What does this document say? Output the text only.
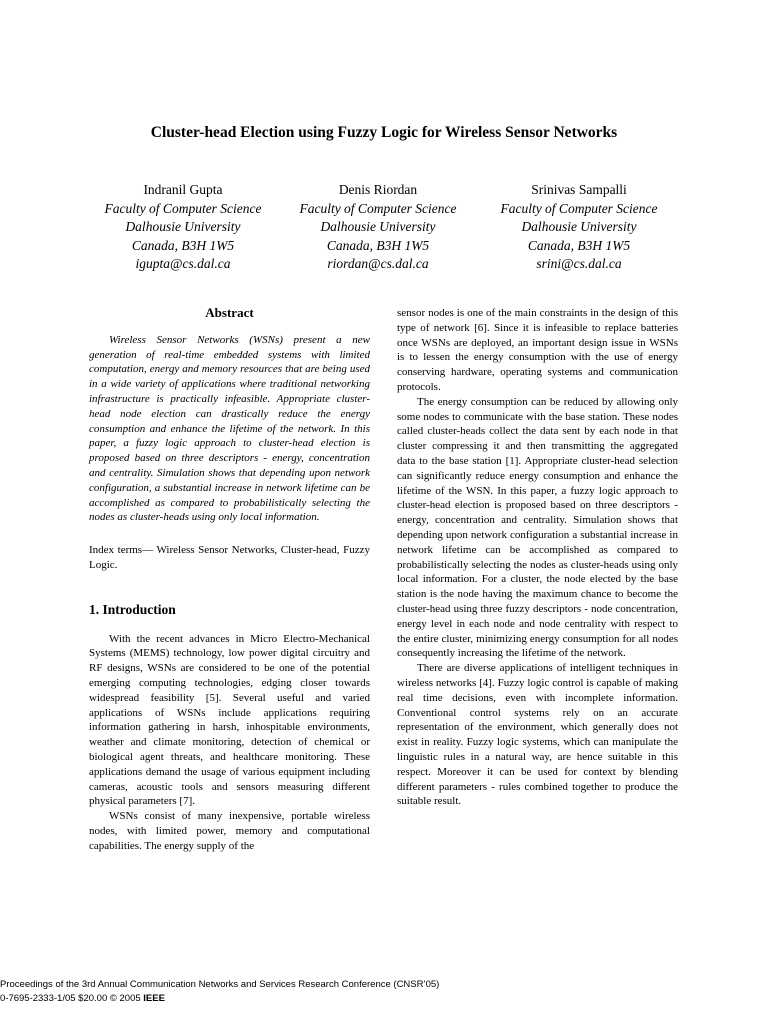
Cluster-head Election using Fuzzy Logic for Wireless Sensor Networks
Indranil Gupta
Faculty of Computer Science
Dalhousie University
Canada, B3H 1W5
igupta@cs.dal.ca
Denis Riordan
Faculty of Computer Science
Dalhousie University
Canada, B3H 1W5
riordan@cs.dal.ca
Srinivas Sampalli
Faculty of Computer Science
Dalhousie University
Canada, B3H 1W5
srini@cs.dal.ca
Abstract

Wireless Sensor Networks (WSNs) present a new generation of real-time embedded systems with limited computation, energy and memory resources that are being used in a wide variety of applications where traditional networking infrastructure is practically infeasible. Appropriate cluster-head node election can drastically reduce the energy consumption and enhance the lifetime of the network. In this paper, a fuzzy logic approach to cluster-head election is proposed based on three descriptors - energy, concentration and centrality. Simulation shows that depending upon network configuration, a substantial increase in network lifetime can be accomplished as compared to probabilistically selecting the nodes as cluster-heads using only local information.

Index terms— Wireless Sensor Networks, Cluster-head, Fuzzy Logic.

1. Introduction

With the recent advances in Micro Electro-Mechanical Systems (MEMS) technology, low power digital circuitry and RF designs, WSNs are considered to be one of the potential emerging computing technologies, edging closer towards widespread feasibility [5]. Several useful and varied applications of WSNs include applications requiring information gathering in harsh, inhospitable environments, weather and climate monitoring, detection of chemical or biological agent threats, and healthcare monitoring. These applications demand the usage of various equipment including cameras, acoustic tools and sensors measuring different physical parameters [7].

WSNs consist of many inexpensive, portable wireless nodes, with limited power, memory and computational capabilities. The energy supply of the

sensor nodes is one of the main constraints in the design of this type of network [6]. Since it is infeasible to replace batteries once WSNs are deployed, an important design issue in WSNs is to lessen the energy consumption with the use of energy conserving hardware, operating systems and communication protocols.

The energy consumption can be reduced by allowing only some nodes to communicate with the base station. These nodes called cluster-heads collect the data sent by each node in that cluster compressing it and then transmitting the aggregated data to the base station [1]. Appropriate cluster-head selection can significantly reduce energy consumption and enhance the lifetime of the WSN. In this paper, a fuzzy logic approach to cluster-head election is proposed based on three descriptors - energy, concentration and centrality. Simulation shows that depending upon network configuration a substantial increase in network lifetime can be accomplished as compared to probabilistically selecting the nodes as cluster-heads using only local information. For a cluster, the node elected by the base station is the node having the maximum chance to become the cluster-head using three fuzzy descriptors - node concentration, energy level in each node and node centrality with respect to the entire cluster, minimizing energy consumption for all nodes consequently increasing the lifetime of the network.

There are diverse applications of intelligent techniques in wireless networks [4]. Fuzzy logic control is capable of making real time decisions, even with incomplete information. Conventional control systems rely on an accurate representation of the environment, which generally does not exist in reality. Fuzzy logic systems, which can manipulate the linguistic rules in a natural way, are hence suitable in this respect. Moreover it can be used for context by blending different parameters - rules combined together to produce the suitable result.

Proceedings of the 3rd Annual Communication Networks and Services Research Conference (CNSR’05)
0-7695-2333-1/05 $20.00 © 2005 IEEE
